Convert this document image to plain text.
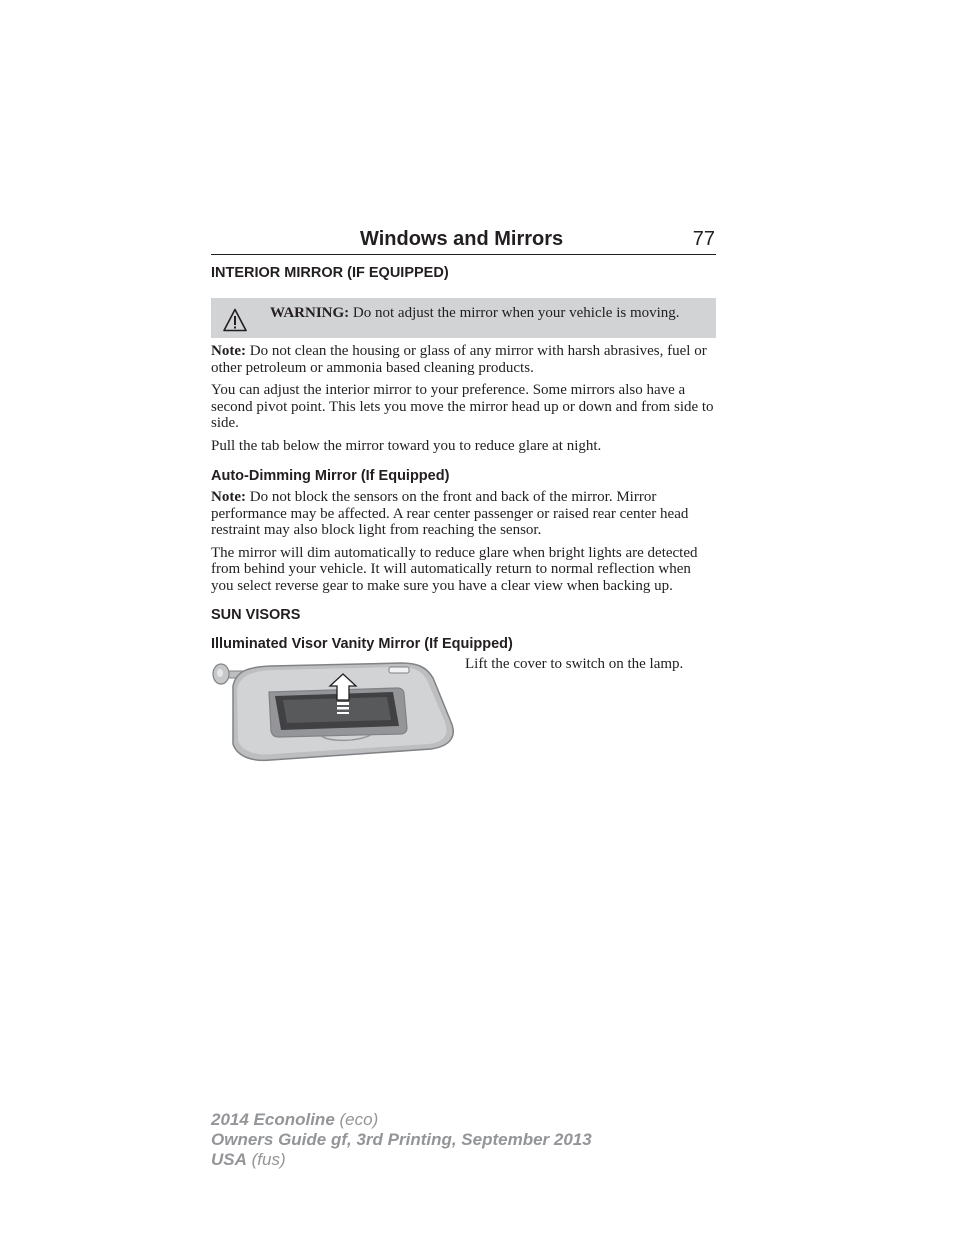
Windows and Mirrors	77
INTERIOR MIRROR (IF EQUIPPED)

WARNING: Do not adjust the mirror when your vehicle is moving.

Note: Do not clean the housing or glass of any mirror with harsh abrasives, fuel or other petroleum or ammonia based cleaning products.

You can adjust the interior mirror to your preference. Some mirrors also have a second pivot point. This lets you move the mirror head up or down and from side to side.

Pull the tab below the mirror toward you to reduce glare at night.

Auto-Dimming Mirror (If Equipped)

Note: Do not block the sensors on the front and back of the mirror. Mirror performance may be affected. A rear center passenger or raised rear center head restraint may also block light from reaching the sensor.

The mirror will dim automatically to reduce glare when bright lights are detected from behind your vehicle. It will automatically return to normal reflection when you select reverse gear to make sure you have a clear view when backing up.

SUN VISORS
Illuminated Visor Vanity Mirror (If Equipped)

Lift the cover to switch on the lamp.

2014 Econoline (eco)
Owners Guide gf, 3rd Printing, September 2013
USA (fus)
